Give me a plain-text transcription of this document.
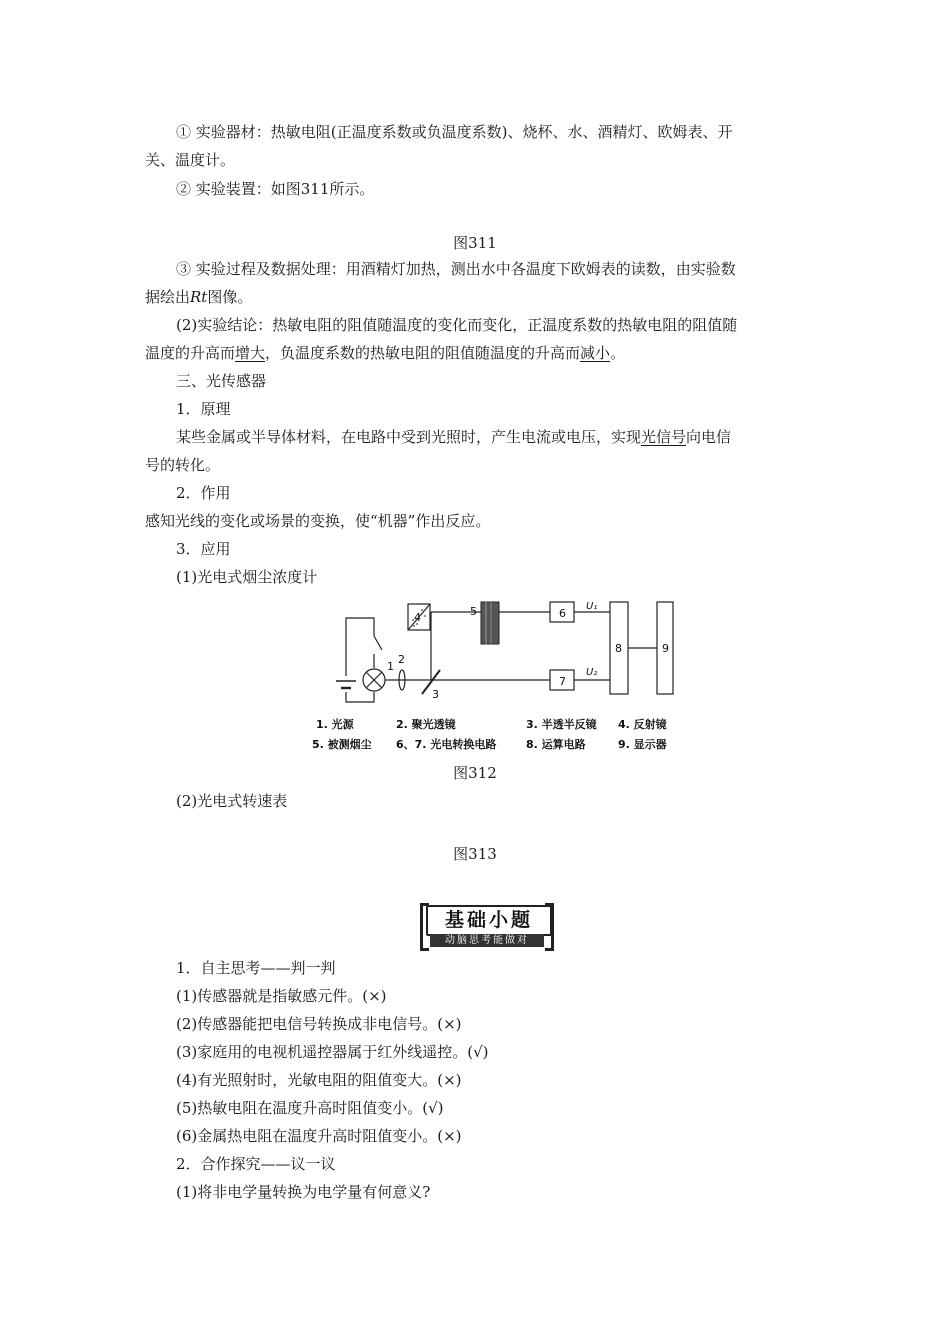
① 实验器材：热敏电阻(正温度系数或负温度系数)、烧杯、水、酒精灯、欧姆表、开
关、温度计。
② 实验装置：如图311所示。
图311
③ 实验过程及数据处理：用酒精灯加热，测出水中各温度下欧姆表的读数，由实验数
据绘出Rt图像。
(2)实验结论：热敏电阻的阻值随温度的变化而变化，正温度系数的热敏电阻的阻值随
温度的升高而增大，负温度系数的热敏电阻的阻值随温度的升高而减小。
三、光传感器
1．原理
某些金属或半导体材料，在电路中受到光照时，产生电流或电压，实现光信号向电信
号的转化。
2．作用
感知光线的变化或场景的变换，使“机器”作出反应。
3．应用
(1)光电式烟尘浓度计
4	5	6
7
8	9
1
2
3
U₁
U₂
1. 光源	2. 聚光透镜	3. 半透半反镜 4. 反射镜
5. 被测烟尘 6、7. 光电转换电路	8. 运算电路	9. 显示器
图312
(2)光电式转速表
图313
基础小题
动脑思考能做对
1．自主思考——判一判
(1)传感器就是指敏感元件。(×)
(2)传感器能把电信号转换成非电信号。(×)
(3)家庭用的电视机遥控器属于红外线遥控。(√)
(4)有光照射时，光敏电阻的阻值变大。(×)
(5)热敏电阻在温度升高时阻值变小。(√)
(6)金属热电阻在温度升高时阻值变小。(×)
2．合作探究——议一议
(1)将非电学量转换为电学量有何意义?
